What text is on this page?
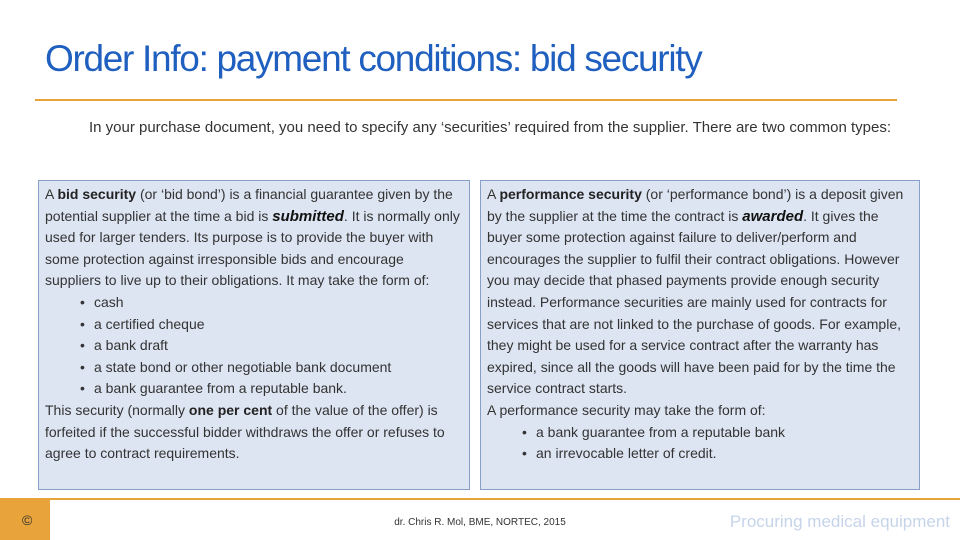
Order Info: payment conditions: bid security
In your purchase document, you need to specify any ‘securities’ required from the supplier. There are two common types:

A bid security (or ‘bid bond’) is a financial guarantee given by the potential supplier at the time a bid is submitted. It is normally only used for larger tenders. Its purpose is to provide the buyer with some protection against irresponsible bids and encourage suppliers to live up to their obligations. It may take the form of:

• cash
• a certified cheque
• a bank draft
• a state bond or other negotiable bank document
• a bank guarantee from a reputable bank.

This security (normally one per cent of the value of the offer) is forfeited if the successful bidder withdraws the offer or refuses to agree to contract requirements.

A performance security (or ‘performance bond’) is a deposit given by the supplier at the time the contract is awarded. It gives the buyer some protection against failure to deliver/perform and encourages the supplier to fulfil their contract obligations. However you may decide that phased payments provide enough security instead. Performance securities are mainly used for contracts for services that are not linked to the purchase of goods. For example, they might be used for a service contract after the warranty has expired, since all the goods will have been paid for by the time the service contract starts.

A performance security may take the form of:

• a bank guarantee from a reputable bank
• an irrevocable letter of credit.
©	dr. Chris R. Mol, BME, NORTEC, 2015	Procuring medical equipment
